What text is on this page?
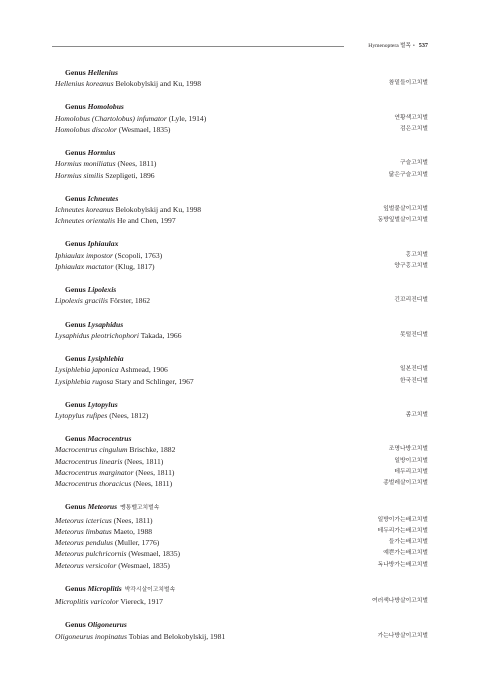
Hymenoptera 벌목 • 537
Genus Hellenius
Hellenius koreanus Belokobylskij and Ku, 1998	참밑들이고치벌
Genus Homolobus
Homolobus (Chartolobus) infumator (Lyle, 1914)	연황색고치벌
Homolobus discolor (Wesmael, 1835)	검은고치벌
Genus Hormius
Hormius moniliatus (Nees, 1811)	구슬고치벌
Hormius similis Szepligeti, 1896	닮은구슬고치벌
Genus Ichneutes
Ichneutes koreanus Belokobylskij and Ku, 1998	잎벌붙살이고치벌
Ichneutes orientalis He and Chen, 1997	동방잎벌살이고치벌
Genus Iphiaulax
Iphiaulax impostor (Scopoli, 1763)	홍고치벌
Iphiaulax mactator (Klug, 1817)	양구홍고치벌
Genus Lipolexis
Lipolexis gracilis Förster, 1862	긴꼬리진디벌
Genus Lysaphidus
Lysaphidus pleotrichophori Takada, 1966	못털진디벌
Genus Lysiphlebia
Lysiphlebia japonica Ashmead, 1906	일본진디벌
Lysiphlebia rugosa Stary and Schlinger, 1967	한국진디벌
Genus Lytopylus
Lytopylus rufipes (Nees, 1812)	좀고치벌
Genus Macrocentrus
Macrocentrus cingulum Brischke, 1882	조명나방고치벌
Macrocentrus linearis (Nees, 1811)	일방이고치벌
Macrocentrus marginator (Nees, 1811)	테두리고치벌
Macrocentrus thoracicus (Nees, 1811)	종벌레살이고치벌
Genus Meteorus 뗑통벨고치벌속
Meteorus ictericus (Nees, 1811)	일방이가는배고치벌
Meteorus limbatus Maeto, 1988	테두리가는배고치벌
Meteorus pendulus (Muller, 1776)	들가는배고치벌
Meteorus pulchricornis (Wesmael, 1835)	예쁜가는배고치벌
Meteorus versicolor (Wesmael, 1835)	독나방가는배고치벌
Genus Microplitis 박각시살이고치벌속
Microplitis varicolor Viereck, 1917	여러색나방살이고치벌
Genus Oligoneurus
Oligoneurus inopinatus Tobias and Belokobylskij, 1981	가는나방살이고치벌
